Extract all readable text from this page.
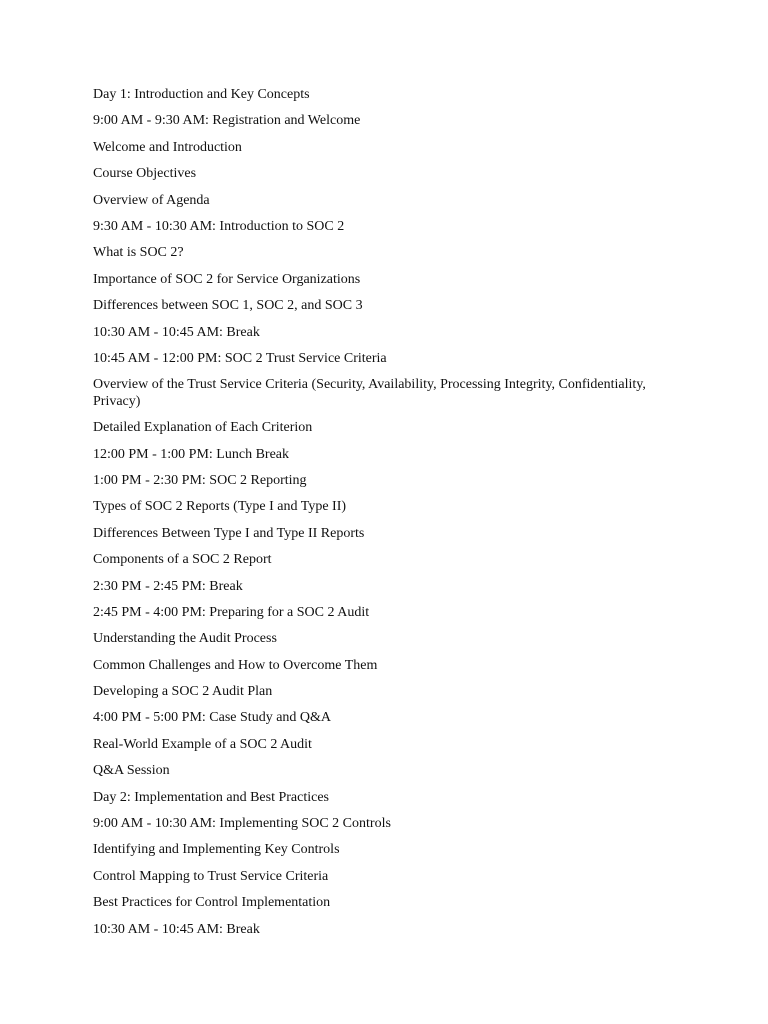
Day 1: Introduction and Key Concepts

9:00 AM - 9:30 AM: Registration and Welcome

Welcome and Introduction

Course Objectives

Overview of Agenda

9:30 AM - 10:30 AM: Introduction to SOC 2

What is SOC 2?

Importance of SOC 2 for Service Organizations

Differences between SOC 1, SOC 2, and SOC 3

10:30 AM - 10:45 AM: Break

10:45 AM - 12:00 PM: SOC 2 Trust Service Criteria

Overview of the Trust Service Criteria (Security, Availability, Processing Integrity, Confidentiality, Privacy)

Detailed Explanation of Each Criterion

12:00 PM - 1:00 PM: Lunch Break

1:00 PM - 2:30 PM: SOC 2 Reporting

Types of SOC 2 Reports (Type I and Type II)

Differences Between Type I and Type II Reports

Components of a SOC 2 Report

2:30 PM - 2:45 PM: Break

2:45 PM - 4:00 PM: Preparing for a SOC 2 Audit

Understanding the Audit Process

Common Challenges and How to Overcome Them

Developing a SOC 2 Audit Plan

4:00 PM - 5:00 PM: Case Study and Q&A

Real-World Example of a SOC 2 Audit

Q&A Session

Day 2: Implementation and Best Practices

9:00 AM - 10:30 AM: Implementing SOC 2 Controls

Identifying and Implementing Key Controls

Control Mapping to Trust Service Criteria

Best Practices for Control Implementation

10:30 AM - 10:45 AM: Break
